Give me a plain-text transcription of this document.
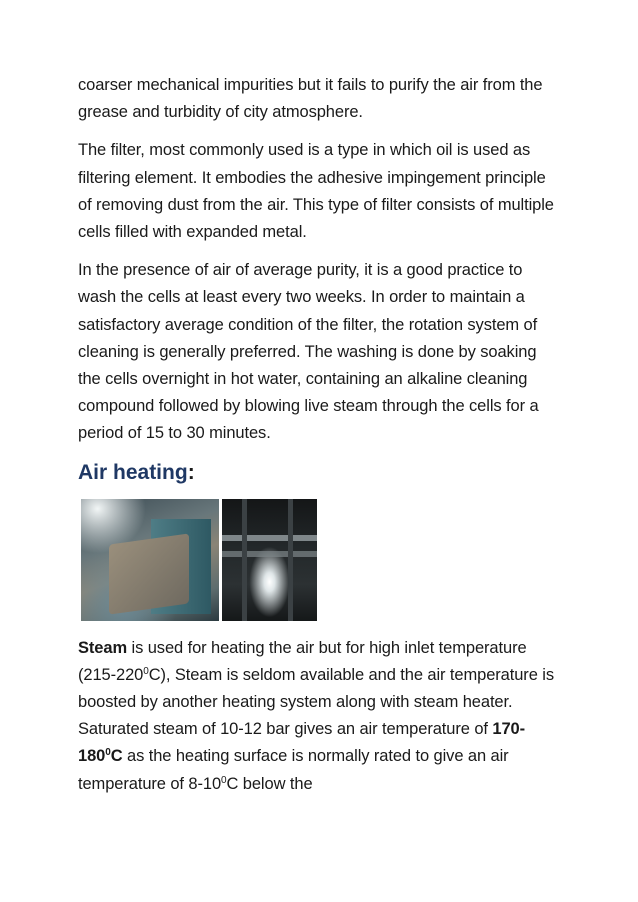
coarser mechanical impurities but it fails to purify the air from the grease and turbidity of city atmosphere.

The filter, most commonly used is a type in which oil is used as filtering element. It embodies the adhesive impingement principle of removing dust from the air. This type of filter consists of multiple cells filled with expanded metal.

In the presence of air of average purity, it is a good practice to wash the cells at least every two weeks. In order to maintain a satisfactory average condition of the filter, the rotation system of cleaning is generally preferred. The washing is done by soaking the cells overnight in hot water, containing an alkaline cleaning compound followed by blowing live steam through the cells for a period of 15 to 30 minutes.

Air heating:

Steam is used for heating the air but for high inlet temperature $(215-220^0C)$, Steam is seldom available and the air temperature is boosted by another heating system along with steam heater. Saturated steam of 10-12 bar gives an air temperature of $170-180^0C$ as the heating surface is normally rated to give an air temperature of $8-10^0C$ below the
